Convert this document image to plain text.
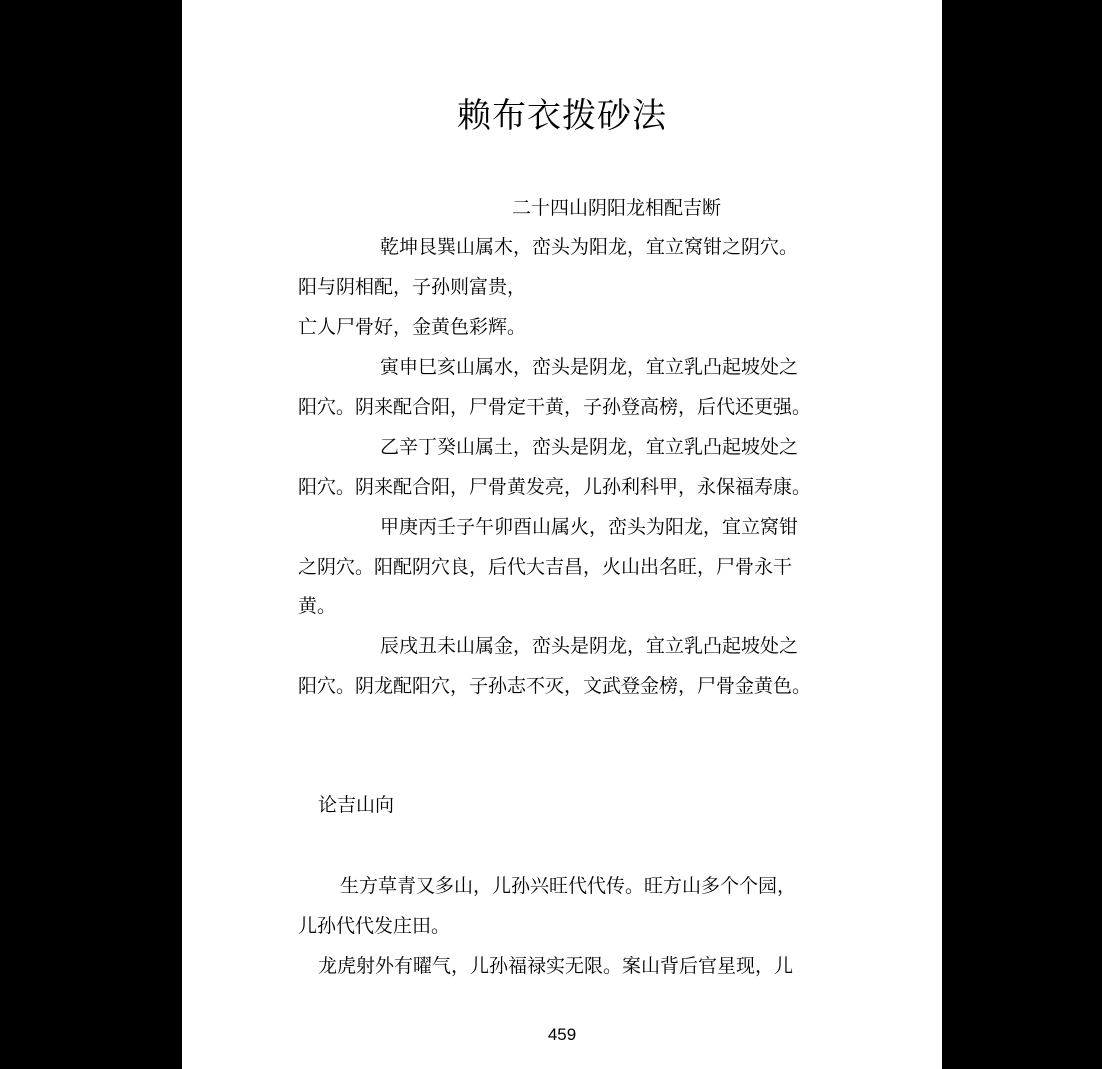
赖布衣拨砂法
二十四山阴阳龙相配吉断
乾坤艮巽山属木，峦头为阳龙，宜立窝钳之阴穴。
阳与阴相配，子孙则富贵，
亡人尸骨好，金黄色彩辉。
寅申巳亥山属水，峦头是阴龙，宜立乳凸起坡处之
阳穴。阴来配合阳，尸骨定干黄，子孙登高榜，后代还更强。
乙辛丁癸山属土，峦头是阴龙，宜立乳凸起坡处之
阳穴。阴来配合阳，尸骨黄发亮，儿孙利科甲，永保福寿康。
甲庚丙壬子午卯酉山属火，峦头为阳龙，宜立窝钳
之阴穴。阳配阴穴良，后代大吉昌，火山出名旺，尸骨永干
黄。
辰戌丑未山属金，峦头是阴龙，宜立乳凸起坡处之
阳穴。阴龙配阳穴，子孙志不灭，文武登金榜，尸骨金黄色。
论吉山向
生方草青又多山，儿孙兴旺代代传。旺方山多个个园，
儿孙代代发庄田。
龙虎射外有曜气，儿孙福禄实无限。案山背后官星现，儿
459
